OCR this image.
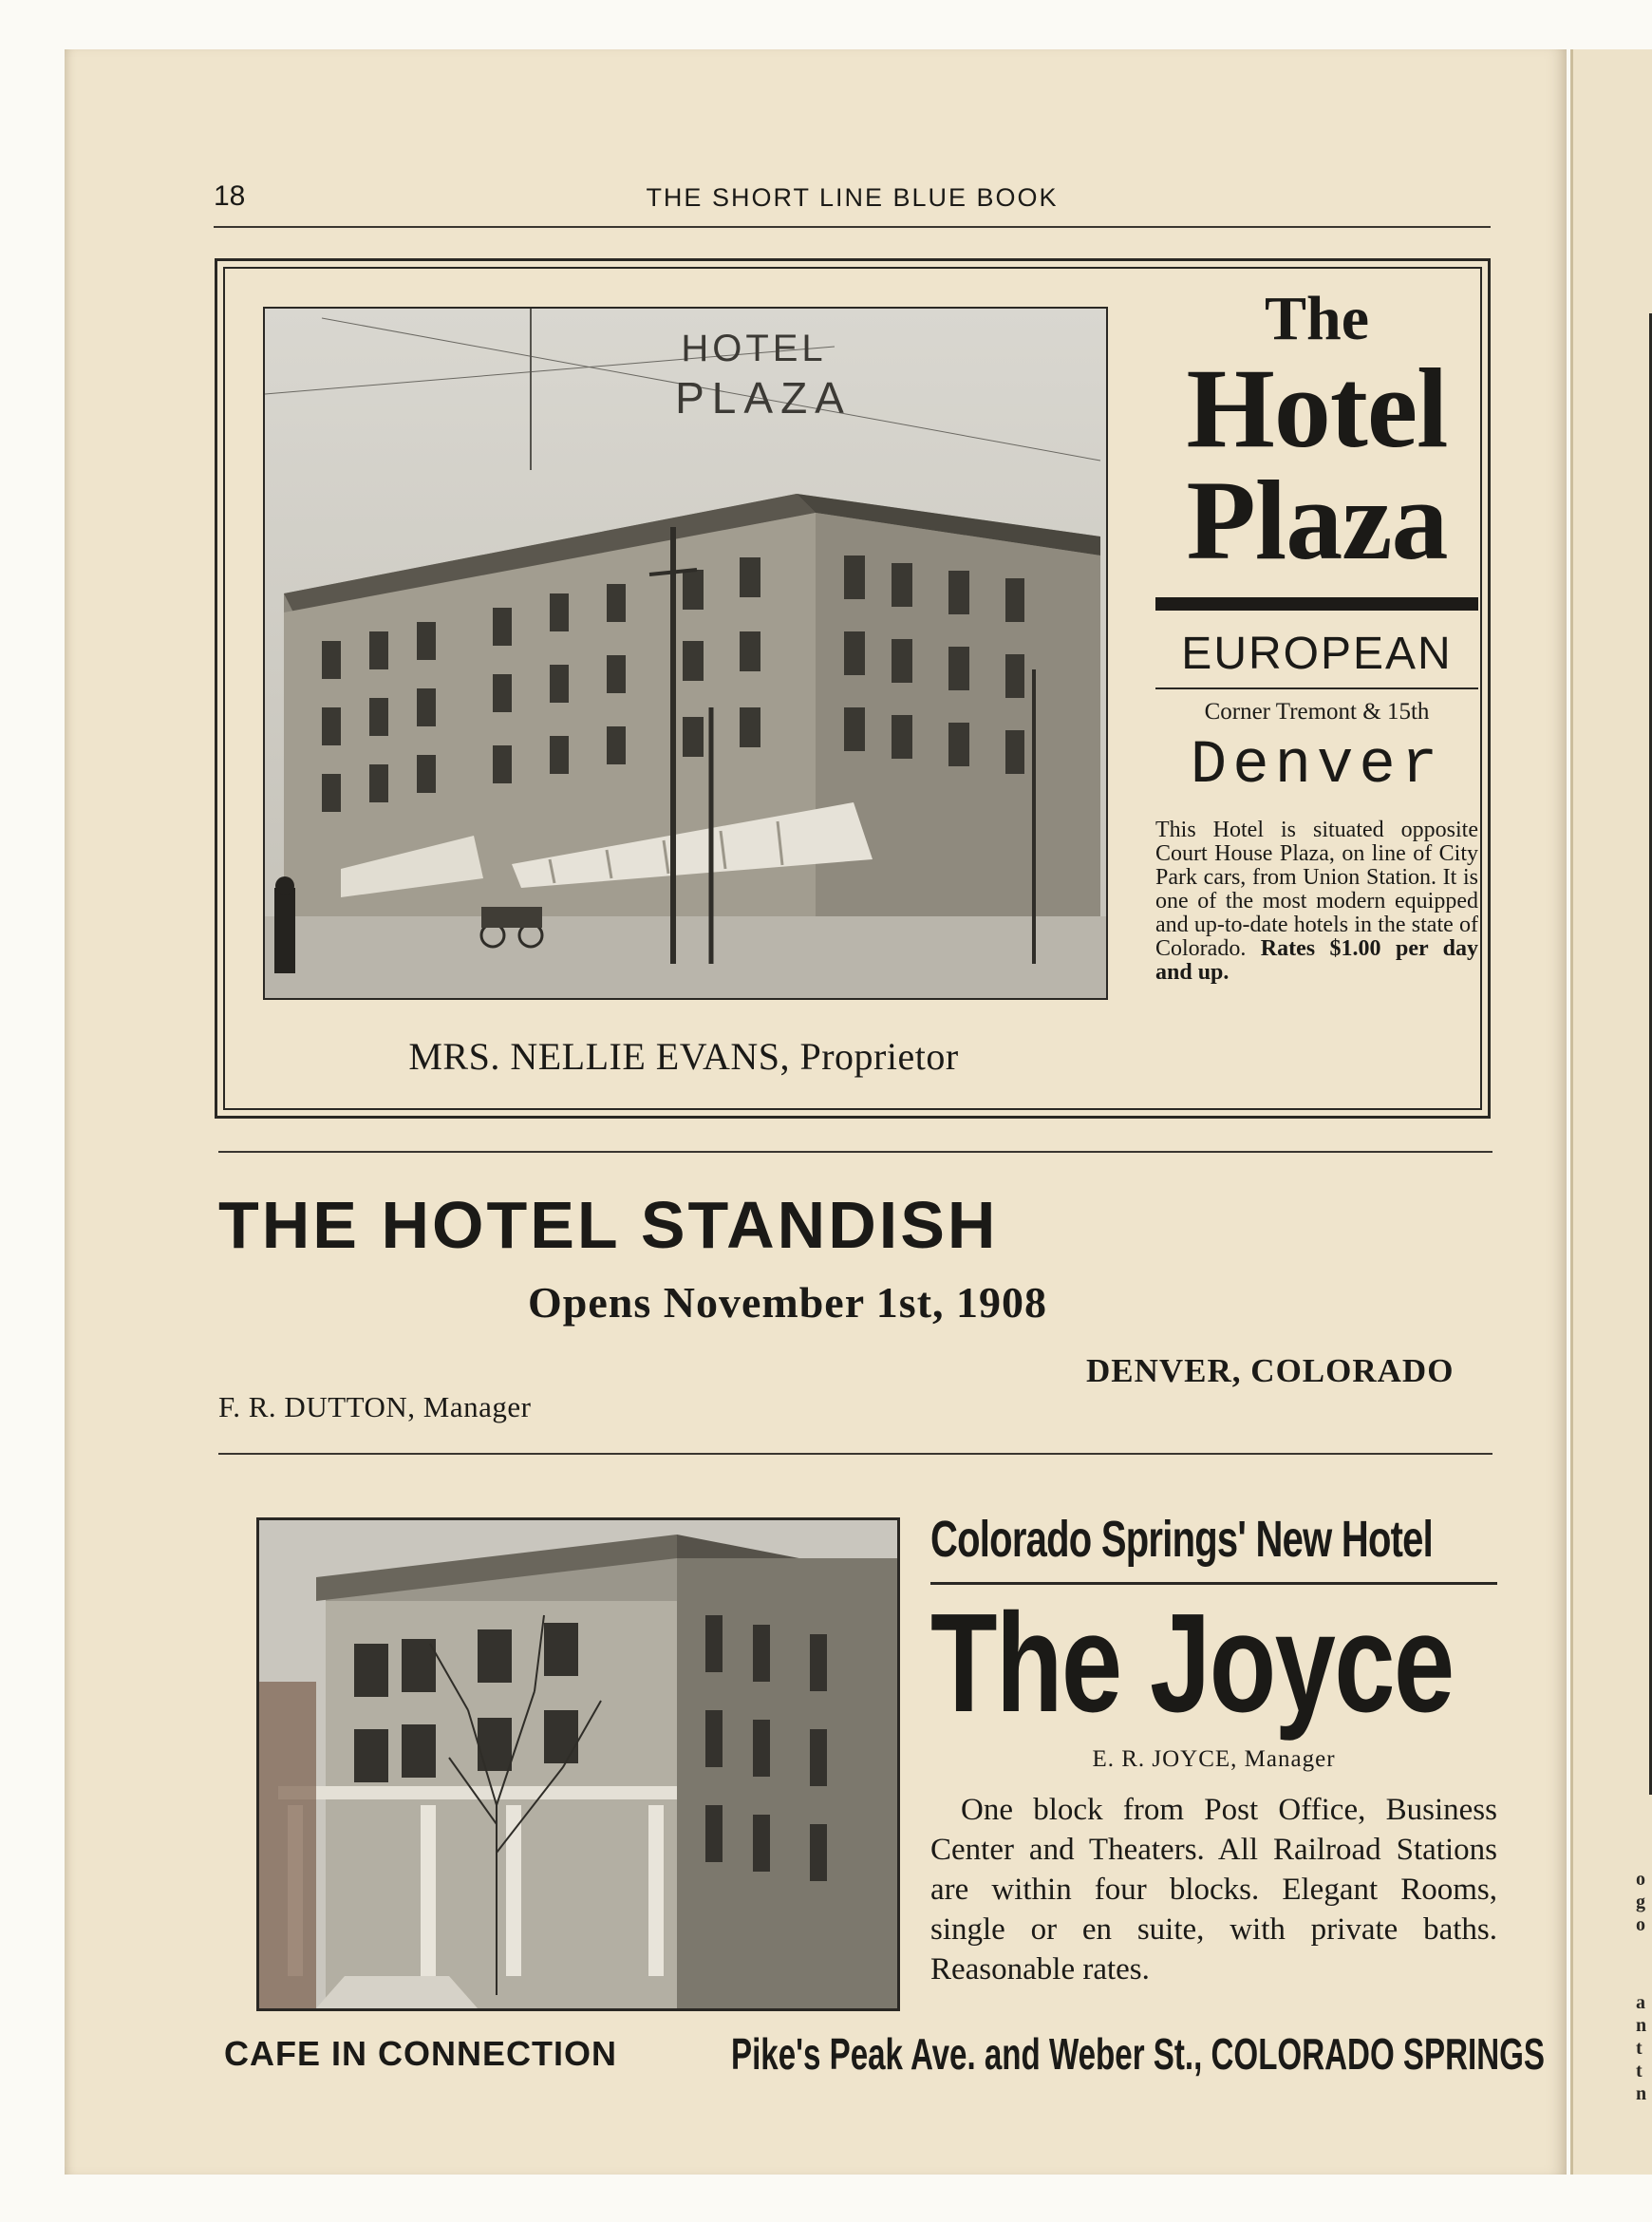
o
g
o
a
n
t
t
n
18	THE SHORT LINE BLUE BOOK
HOTEL
PLAZA
MRS. NELLIE EVANS, Proprietor
The
Hotel
Plaza
EUROPEAN
Corner Tremont & 15th
Denver
This Hotel is situated opposite Court House Plaza, on line of City Park cars, from Union Station. It is one of the most modern equipped and up-to-date hotels in the state of Colorado. Rates $1.00 per day and up.
THE HOTEL STANDISH
Opens November 1st, 1908
DENVER, COLORADO
F. R. DUTTON, Manager
Colorado Springs' New Hotel
The Joyce
E. R. JOYCE, Manager
One block from Post Office, Business Center and Theaters. All Railroad Stations are within four blocks. Elegant Rooms, single or en suite, with private baths. Reasonable rates.
CAFE IN CONNECTION	Pike's Peak Ave. and Weber St., COLORADO SPRINGS
